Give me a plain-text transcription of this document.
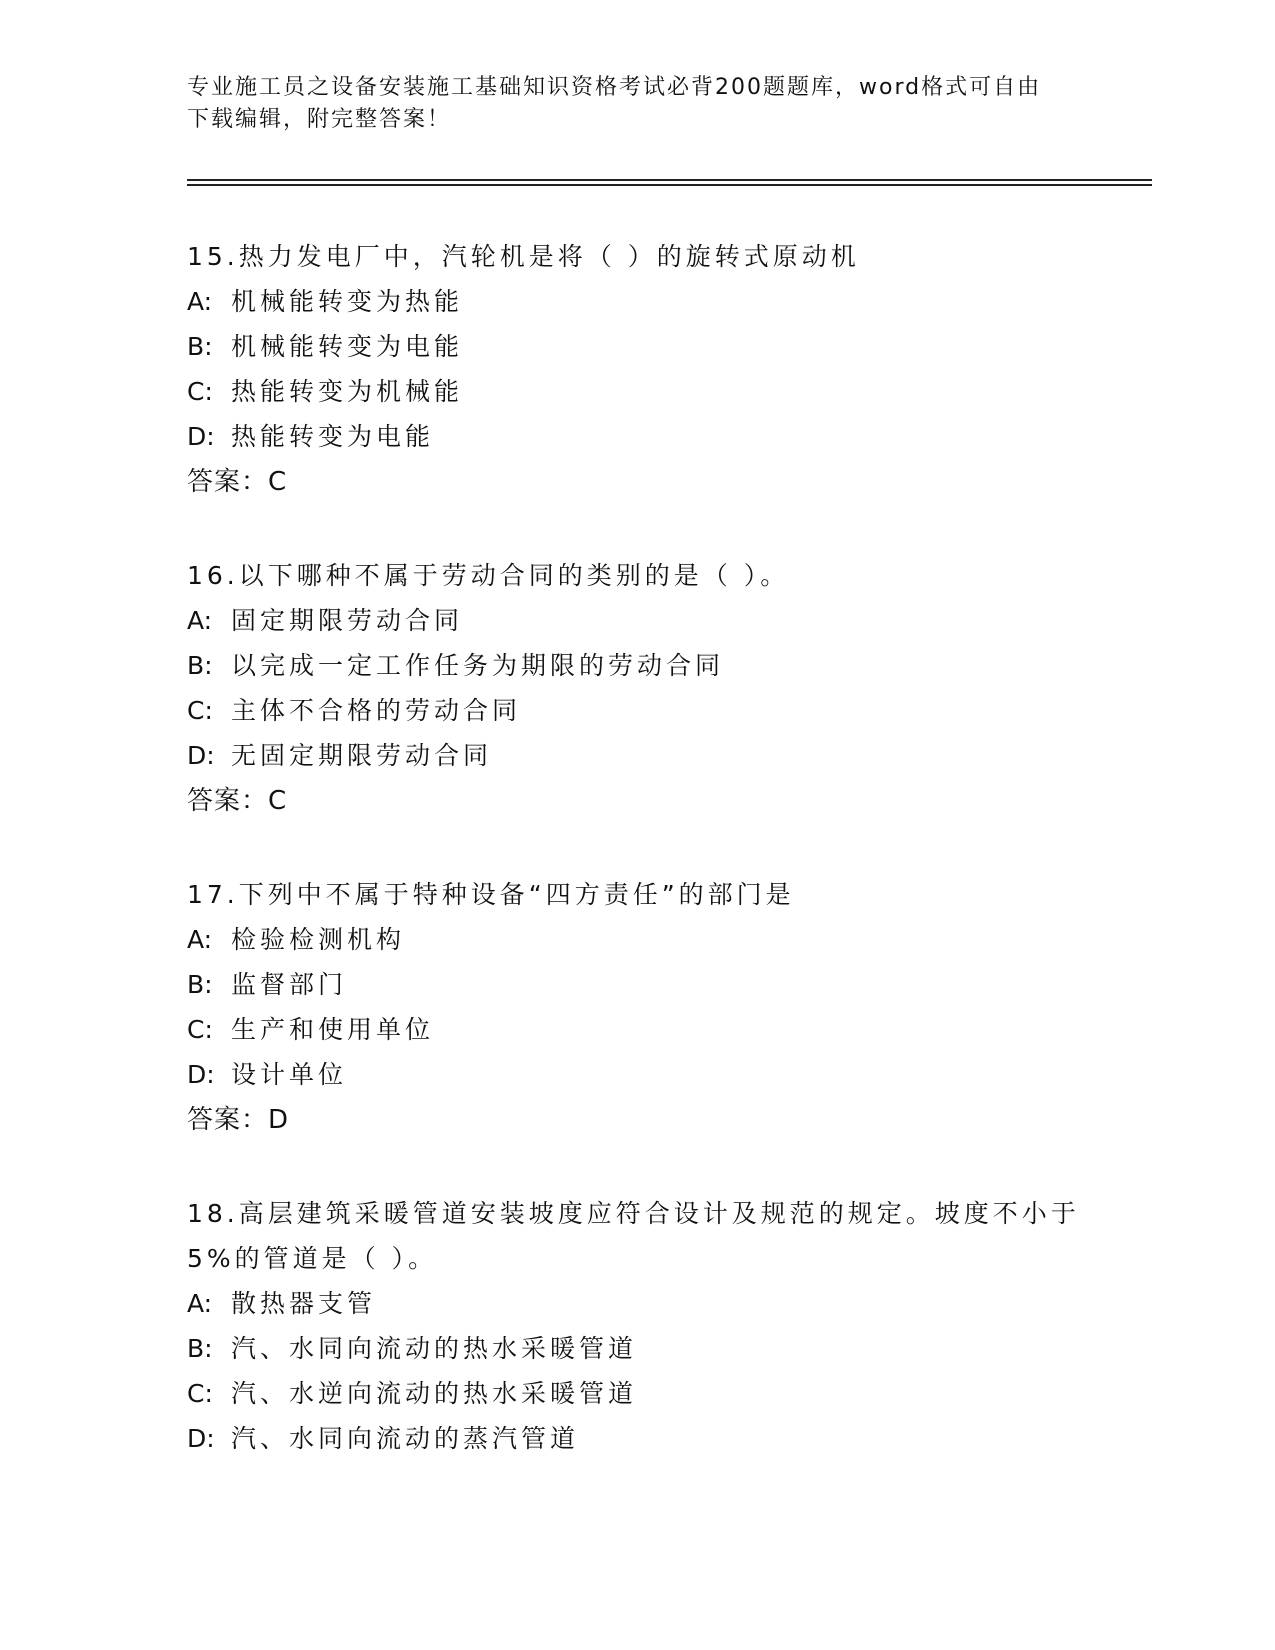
专业施工员之设备安装施工基础知识资格考试必背200题题库，word格式可自由
下载编辑，附完整答案！
15.热力发电厂中，汽轮机是将（ ）的旋转式原动机
A: 机械能转变为热能
B: 机械能转变为电能
C: 热能转变为机械能
D: 热能转变为电能
答案：C
16.以下哪种不属于劳动合同的类别的是（ ）。
A: 固定期限劳动合同
B: 以完成一定工作任务为期限的劳动合同
C: 主体不合格的劳动合同
D: 无固定期限劳动合同
答案：C
17.下列中不属于特种设备“四方责任”的部门是
A: 检验检测机构
B: 监督部门
C: 生产和使用单位
D: 设计单位
答案：D
18.高层建筑采暖管道安装坡度应符合设计及规范的规定。坡度不小于
5%的管道是（ ）。
A: 散热器支管
B: 汽、水同向流动的热水采暖管道
C: 汽、水逆向流动的热水采暖管道
D: 汽、水同向流动的蒸汽管道
